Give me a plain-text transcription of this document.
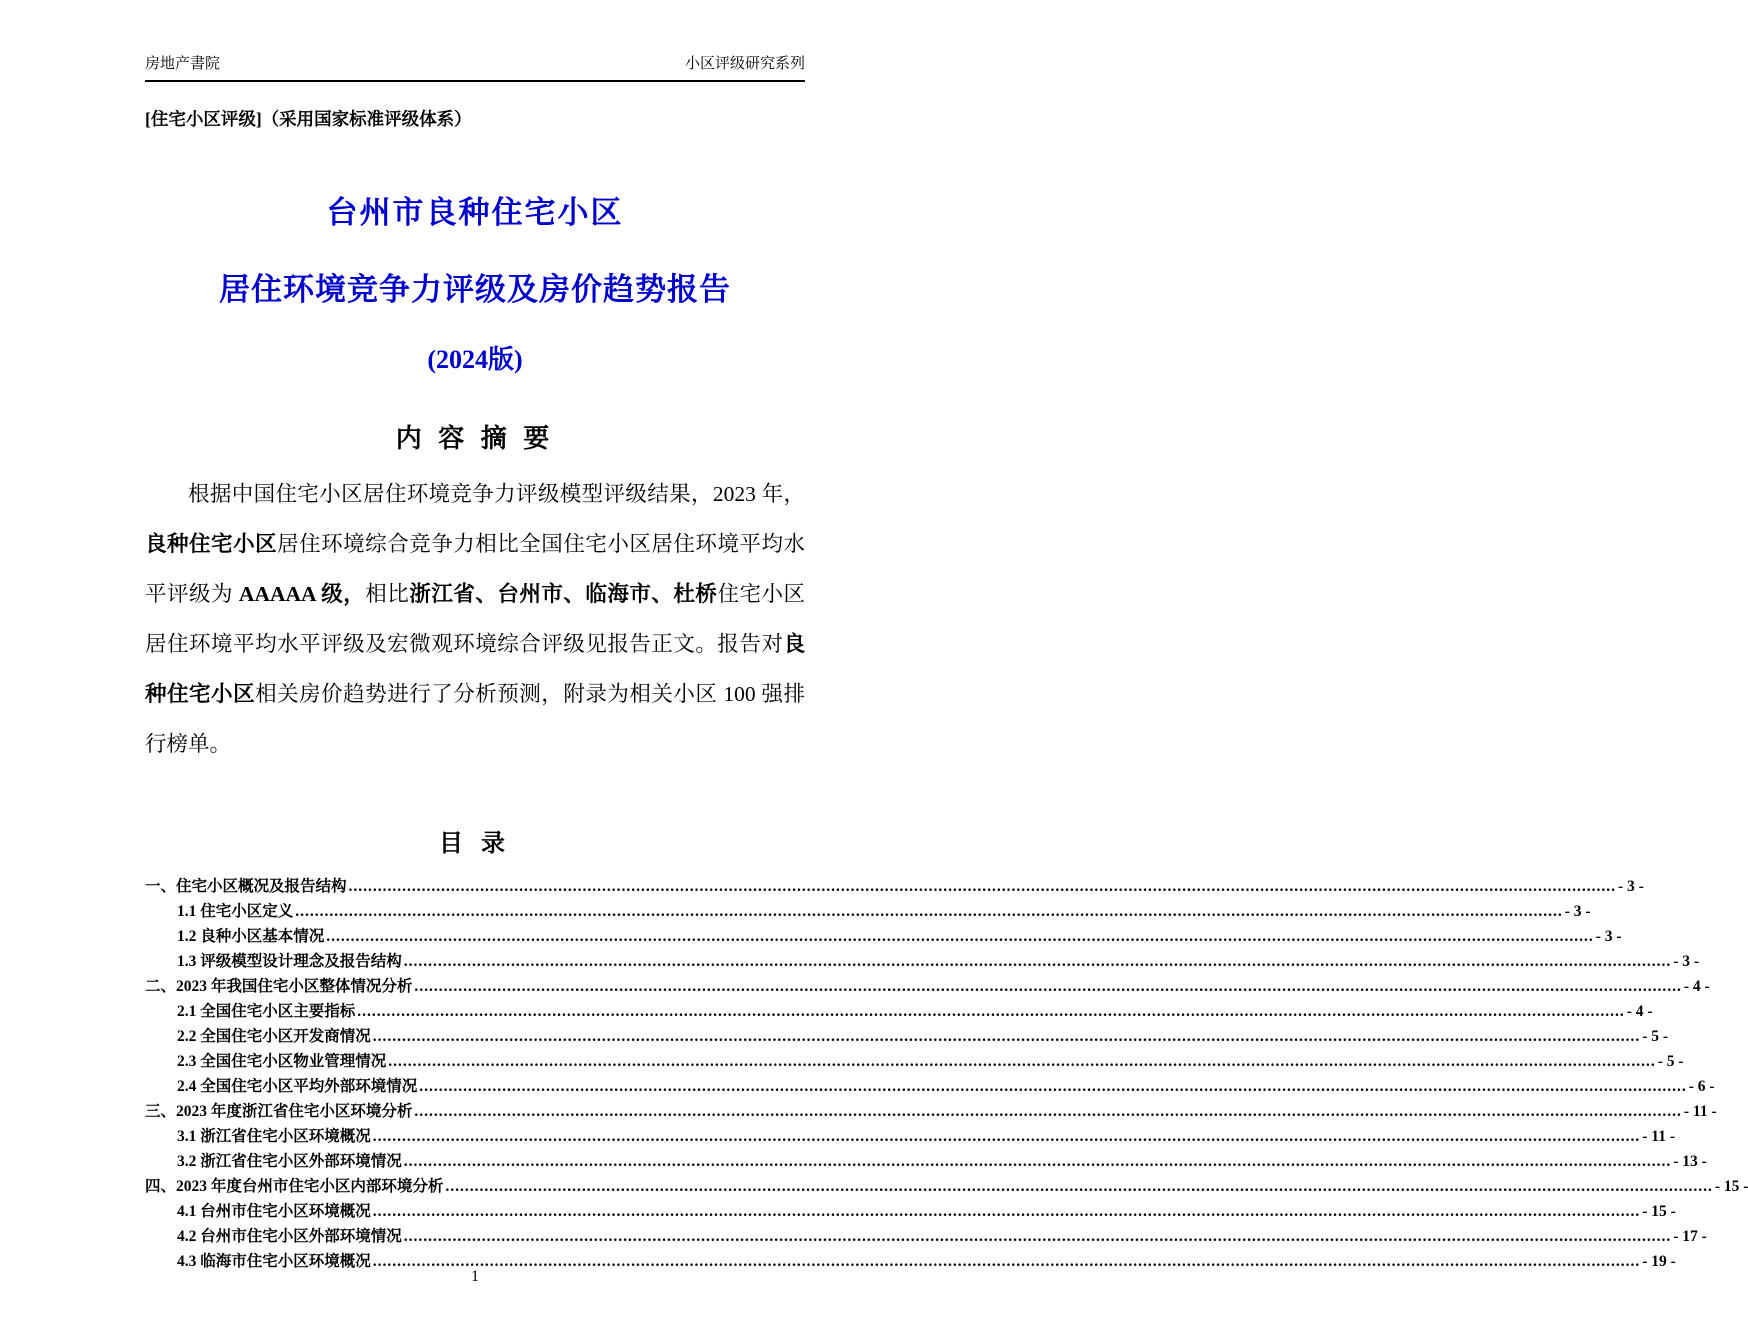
房地产書院	小区评级研究系列
[住宅小区评级]（采用国家标准评级体系）
台州市良种住宅小区
居住环境竞争力评级及房价趋势报告
(2024版)
内 容 摘 要

根据中国住宅小区居住环境竞争力评级模型评级结果，2023 年，良种住宅小区居住环境综合竞争力相比全国住宅小区居住环境平均水平评级为 AAAAA 级，相比浙江省、台州市、临海市、杜桥住宅小区居住环境平均水平评级及宏微观环境综合评级见报告正文。报告对良种住宅小区相关房价趋势进行了分析预测，附录为相关小区 100 强排行榜单。

目 录
一、住宅小区概况及报告结构 .................................................................................................................................................................................................................................................................... - 3 -
1.1 住宅小区定义 .................................................................................................................................................................................................................................................................... - 3 -
1.2 良种小区基本情况 .................................................................................................................................................................................................................................................................... - 3 -
1.3 评级模型设计理念及报告结构 .................................................................................................................................................................................................................................................................... - 3 -
二、2023 年我国住宅小区整体情况分析 .................................................................................................................................................................................................................................................................... - 4 -
2.1 全国住宅小区主要指标 .................................................................................................................................................................................................................................................................... - 4 -
2.2 全国住宅小区开发商情况 .................................................................................................................................................................................................................................................................... - 5 -
2.3 全国住宅小区物业管理情况 .................................................................................................................................................................................................................................................................... - 5 -
2.4 全国住宅小区平均外部环境情况 .................................................................................................................................................................................................................................................................... - 6 -
三、2023 年度浙江省住宅小区环境分析 .................................................................................................................................................................................................................................................................... - 11 -
3.1 浙江省住宅小区环境概况 .................................................................................................................................................................................................................................................................... - 11 -
3.2 浙江省住宅小区外部环境情况 .................................................................................................................................................................................................................................................................... - 13 -
四、2023 年度台州市住宅小区内部环境分析 .................................................................................................................................................................................................................................................................... - 15 -
4.1 台州市住宅小区环境概况 .................................................................................................................................................................................................................................................................... - 15 -
4.2 台州市住宅小区外部环境情况 .................................................................................................................................................................................................................................................................... - 17 -
4.3 临海市住宅小区环境概况 .................................................................................................................................................................................................................................................................... - 19 -
1
